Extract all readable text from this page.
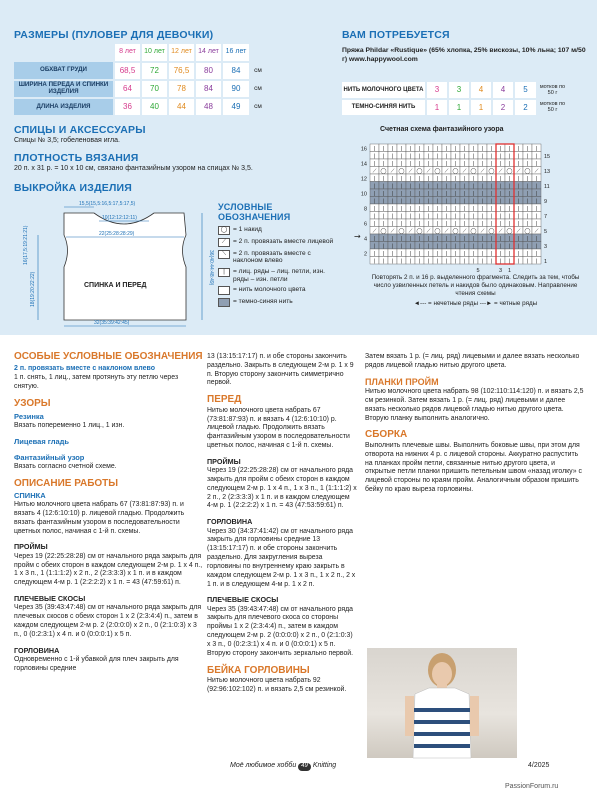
РАЗМЕРЫ (ПУЛОВЕР ДЛЯ ДЕВОЧКИ)
	8 лет	10 лет	12 лет	14 лет	16 лет	
ОБХВАТ ГРУДИ	68,5	72	76,5	80	84	см
ШИРИНА ПЕРЕДА И СПИНКИ ИЗДЕЛИЯ	64	70	78	84	90	см
ДЛИНА ИЗДЕЛИЯ	36	40	44	48	49	см
ВАМ ПОТРЕБУЕТСЯ
Пряжа Phildar «Rustique» (65% хлопка, 25% вискозы, 10% льна; 107 м/50 г) www.happywool.com
НИТЬ МОЛОЧНОГО ЦВЕТА	3	3	4	4	5	мотков по 50 г
ТЕМНО-СИНЯЯ НИТЬ	1	1	1	2	2	мотков по 50 г
СПИЦЫ И АКСЕССУАРЫ

Спицы № 3,5; гобеленовая игла.

ПЛОТНОСТЬ ВЯЗАНИЯ

20 п. х 31 р. = 10 х 10 см, связано фантазийным узором на спицах № 3,5.

ВЫКРОЙКА ИЗДЕЛИЯ
15,5(15,5:16,5:17,5:17,5)
10(12:12:12:11)
22(25:28:28:29)
32(35:39:42:45)
СПИНКА И ПЕРЕД
18(19:20:22:22)
16(17,5:19:21:21)
36(40:44:48:49)
УСЛОВНЫЕ ОБОЗНАЧЕНИЯ
◯ = 1 накид
⟋	= 2 п. провязать вместе лицевой
⟍	= 2 п. провязать вместе с наклоном влево
|	= лиц. ряды – лиц. петли, изн. ряды – изн. петли
= нить молочного цвета
= темно-синяя нить
Счетная схема фантазийного узора
| | | | | | | | | | | | | | | | | | |
| | | | | | | | | | | | | | | | | | |
| | | | | | | | | | | | | | | | | | |
⟋ ◯ ⟋ ◯ ⟋ ◯ ⟋ ◯ ⟋ ◯ ⟋ ◯ ⟋ ◯ ⟋ ◯ ⟋ ◯ ⟋
| | | | | | | | | | | | | | | | | | |
| | | | | | | | | | | | | | | | | | |
| | | | | | | | | | | | | | | | | | |
| | | | | | | | | | | | | | | | | | |
| | | | | | | | | | | | | | | | | | |
| | | | | | | | | | | | | | | | | | |
| | | | | | | | | | | | | | | | | | |
⟋ ◯ ⟋ ◯ ⟋ ◯ ⟋ ◯ ⟋ ◯ ⟋ ◯ ⟋ ◯ ⟋ ◯ ⟋ ◯ ⟋
| | | | | | | | | | | | | | | | | | |
| | | | | | | | | | | | | | | | | | |
| | | | | | | | | | | | | | | | | | |
| | | | | | | | | | | | | | | | | | |
16
14
12
10
8
6
4
2
15
13
11
9
7
5
3
1
5	3 1
→
Повторять 2 п. и 16 р. выделенного фрагмента. Следить за тем, чтобы число узвиленных петель и накидов было одинаковым. Направление чтения схемы
◄--- = нечетные ряды ---► = четные ряды
ОСОБЫЕ УСЛОВНЫЕ ОБОЗНАЧЕНИЯ
2 п. провязать вместе с наклоном влево

1 п. снять, 1 лиц., затем протянуть эту петлю через снятую.

УЗОРЫ
Резинка

Вязать попеременно 1 лиц., 1 изн.

Лицевая гладь
Фантазийный узор

Вязать согласно счетной схеме.

ОПИСАНИЕ РАБОТЫ
СПИНКА

Нитью молочного цвета набрать 67 (73:81:87:93) п. и вязать 4 (12:6:10:10) р. лицевой гладью. Продолжить вязать фантазийным узором в последовательности цветных полос, начиная с 1-й п. схемы.

ПРОЙМЫ

Через 19 (22:25:28:28) см от начального ряда закрыть для пройм с обеих сторон в каждом следующем 2-м р. 1 х 4 п., 1 х 3 п., 1 (1:1:1:2) х 2 п., 2 (2:3:3:3) х 1 п. и в каждом следующем 4-м р. 1 (2:2:2:2) х 1 п. = 43 (47:59:61) п.

ПЛЕЧЕВЫЕ СКОСЫ

Через 35 (39:43:47:48) см от начального ряда закрыть для плечевых скосов с обеих сторон 1 х 2 (2:3:4:4) п., затем в каждом следующем 2-м р. 2 (2:0:0:0) х 2 п., 0 (2:1:0:3) х 3 п., 0 (0:2:3:1) х 4 п. и 0 (0:0:0:1) х 5 п.

ГОРЛОВИНА

Одновременно с 1-й убавкой для плеч закрыть для горловины средние

13 (13:15:17:17) п. и обе стороны закончить раздельно. Закрыть в следующем 2-м р. 1 х 9 п. Вторую сторону закончить симметрично первой.

ПЕРЕД

Нитью молочного цвета набрать 67 (73:81:87:93) п. и вязать 4 (12:6:10:10) р. лицевой гладью. Продолжить вязать фантазийным узором в последовательности цветных полос, начиная с 1-й п. схемы.

ПРОЙМЫ

Через 19 (22:25:28:28) см от начального ряда закрыть для пройм с обеих сторон в каждом следующем 2-м р. 1 х 4 п., 1 х 3 п., 1 (1:1:1:2) х 2 п., 2 (2:3:3:3) х 1 п. и в каждом следующем 4-м р. 1 (2:2:2:2) х 1 п. = 43 (47:53:59:61) п.

ГОРЛОВИНА

Через 30 (34:37:41:42) см от начального ряда закрыть для горловины средние 13 (13:15:17:17) п. и обе стороны закончить раздельно. Для закругления выреза горловины по внутреннему краю закрыть в каждом следующем 2-м р. 1 х 3 п., 1 х 2 п., 2 х 1 п. и в следующем 4-м р. 1 х 2 п.

ПЛЕЧЕВЫЕ СКОСЫ

Через 35 (39:43:47:48) см от начального ряда закрыть для плечевого скоса со стороны проймы 1 х 2 (2:3:4:4) п., затем в каждом следующем 2-м р. 2 (0:0:0:0) х 2 п., 0 (2:1:0:3) х 3 п., 0 (0:2:3:1) х 4 п. и 0 (0:0:0:1) х 5 п. Вторую сторону закончить зеркально первой.

БЕЙКА ГОРЛОВИНЫ

Нитью молочного цвета набрать 92 (92:96:102:102) п. и вязать 2,5 см резинкой.

Затем вязать 1 р. (= лиц. ряд) лицевыми и далее вязать несколько рядов лицевой гладью нитью другого цвета.

ПЛАНКИ ПРОЙМ

Нитью молочного цвета набрать 98 (102:110:114:120) п. и вязать 2,5 см резинкой. Затем вязать 1 р. (= лиц. ряд) лицевыми и далее вязать несколько рядов лицевой гладью нитью другого цвета. Вторую планку выполнить аналогично.

СБОРКА

Выполнить плечевые швы. Выполнить боковые швы, при этом для отворота на нижних 4 р. с лицевой стороны. Аккуратно распустить на планках пройм петли, связанные нитью другого цвета, и открытые петли планки пришить петельным швом «назад иголку» с лицевой стороны по краям пройм. Аналогичным образом пришить бейку по краю выреза горловины.

Моё любимое хобби 49 Knitting	4/2025
PassionForum.ru
